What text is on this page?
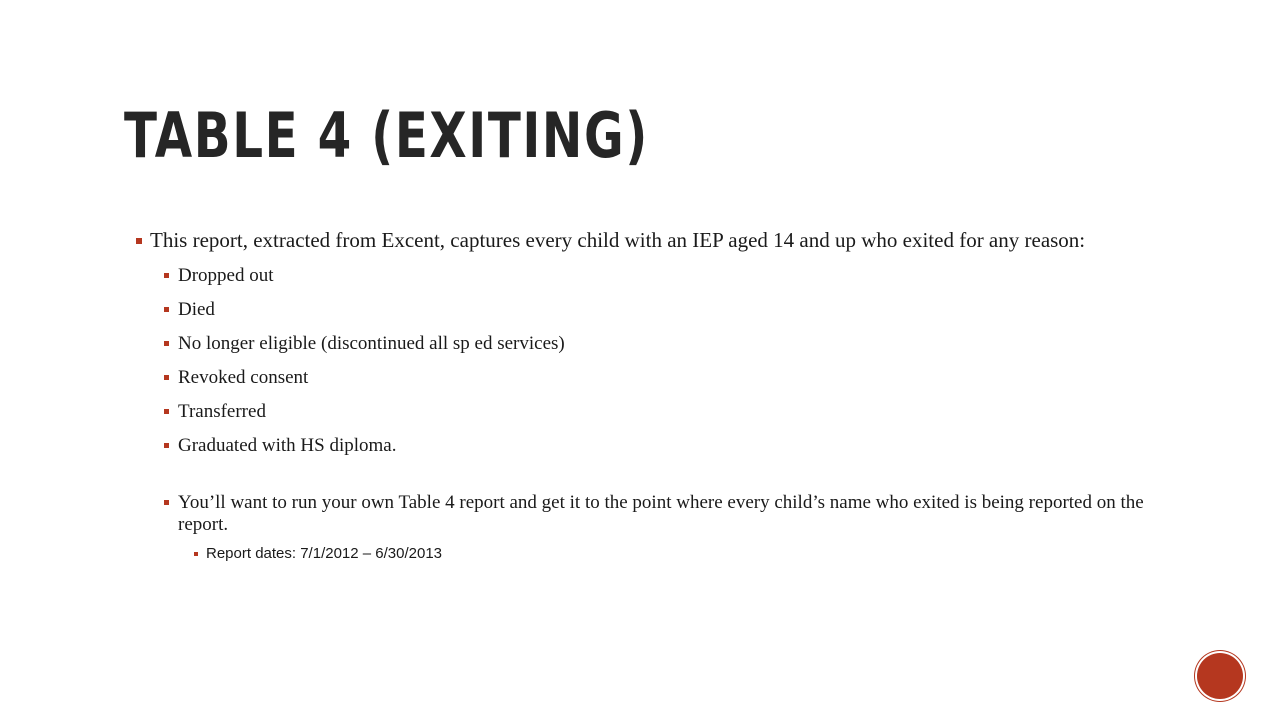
TABLE 4 (EXITING)
This report, extracted from Excent, captures every child with an IEP aged 14 and up who exited for any reason:
Dropped out
Died
No longer eligible (discontinued all sp ed services)
Revoked consent
Transferred
Graduated with HS diploma.
You’ll want to run your own Table 4 report and get it to the point where every child’s name who exited is being reported on the report.
Report dates: 7/1/2012 – 6/30/2013
